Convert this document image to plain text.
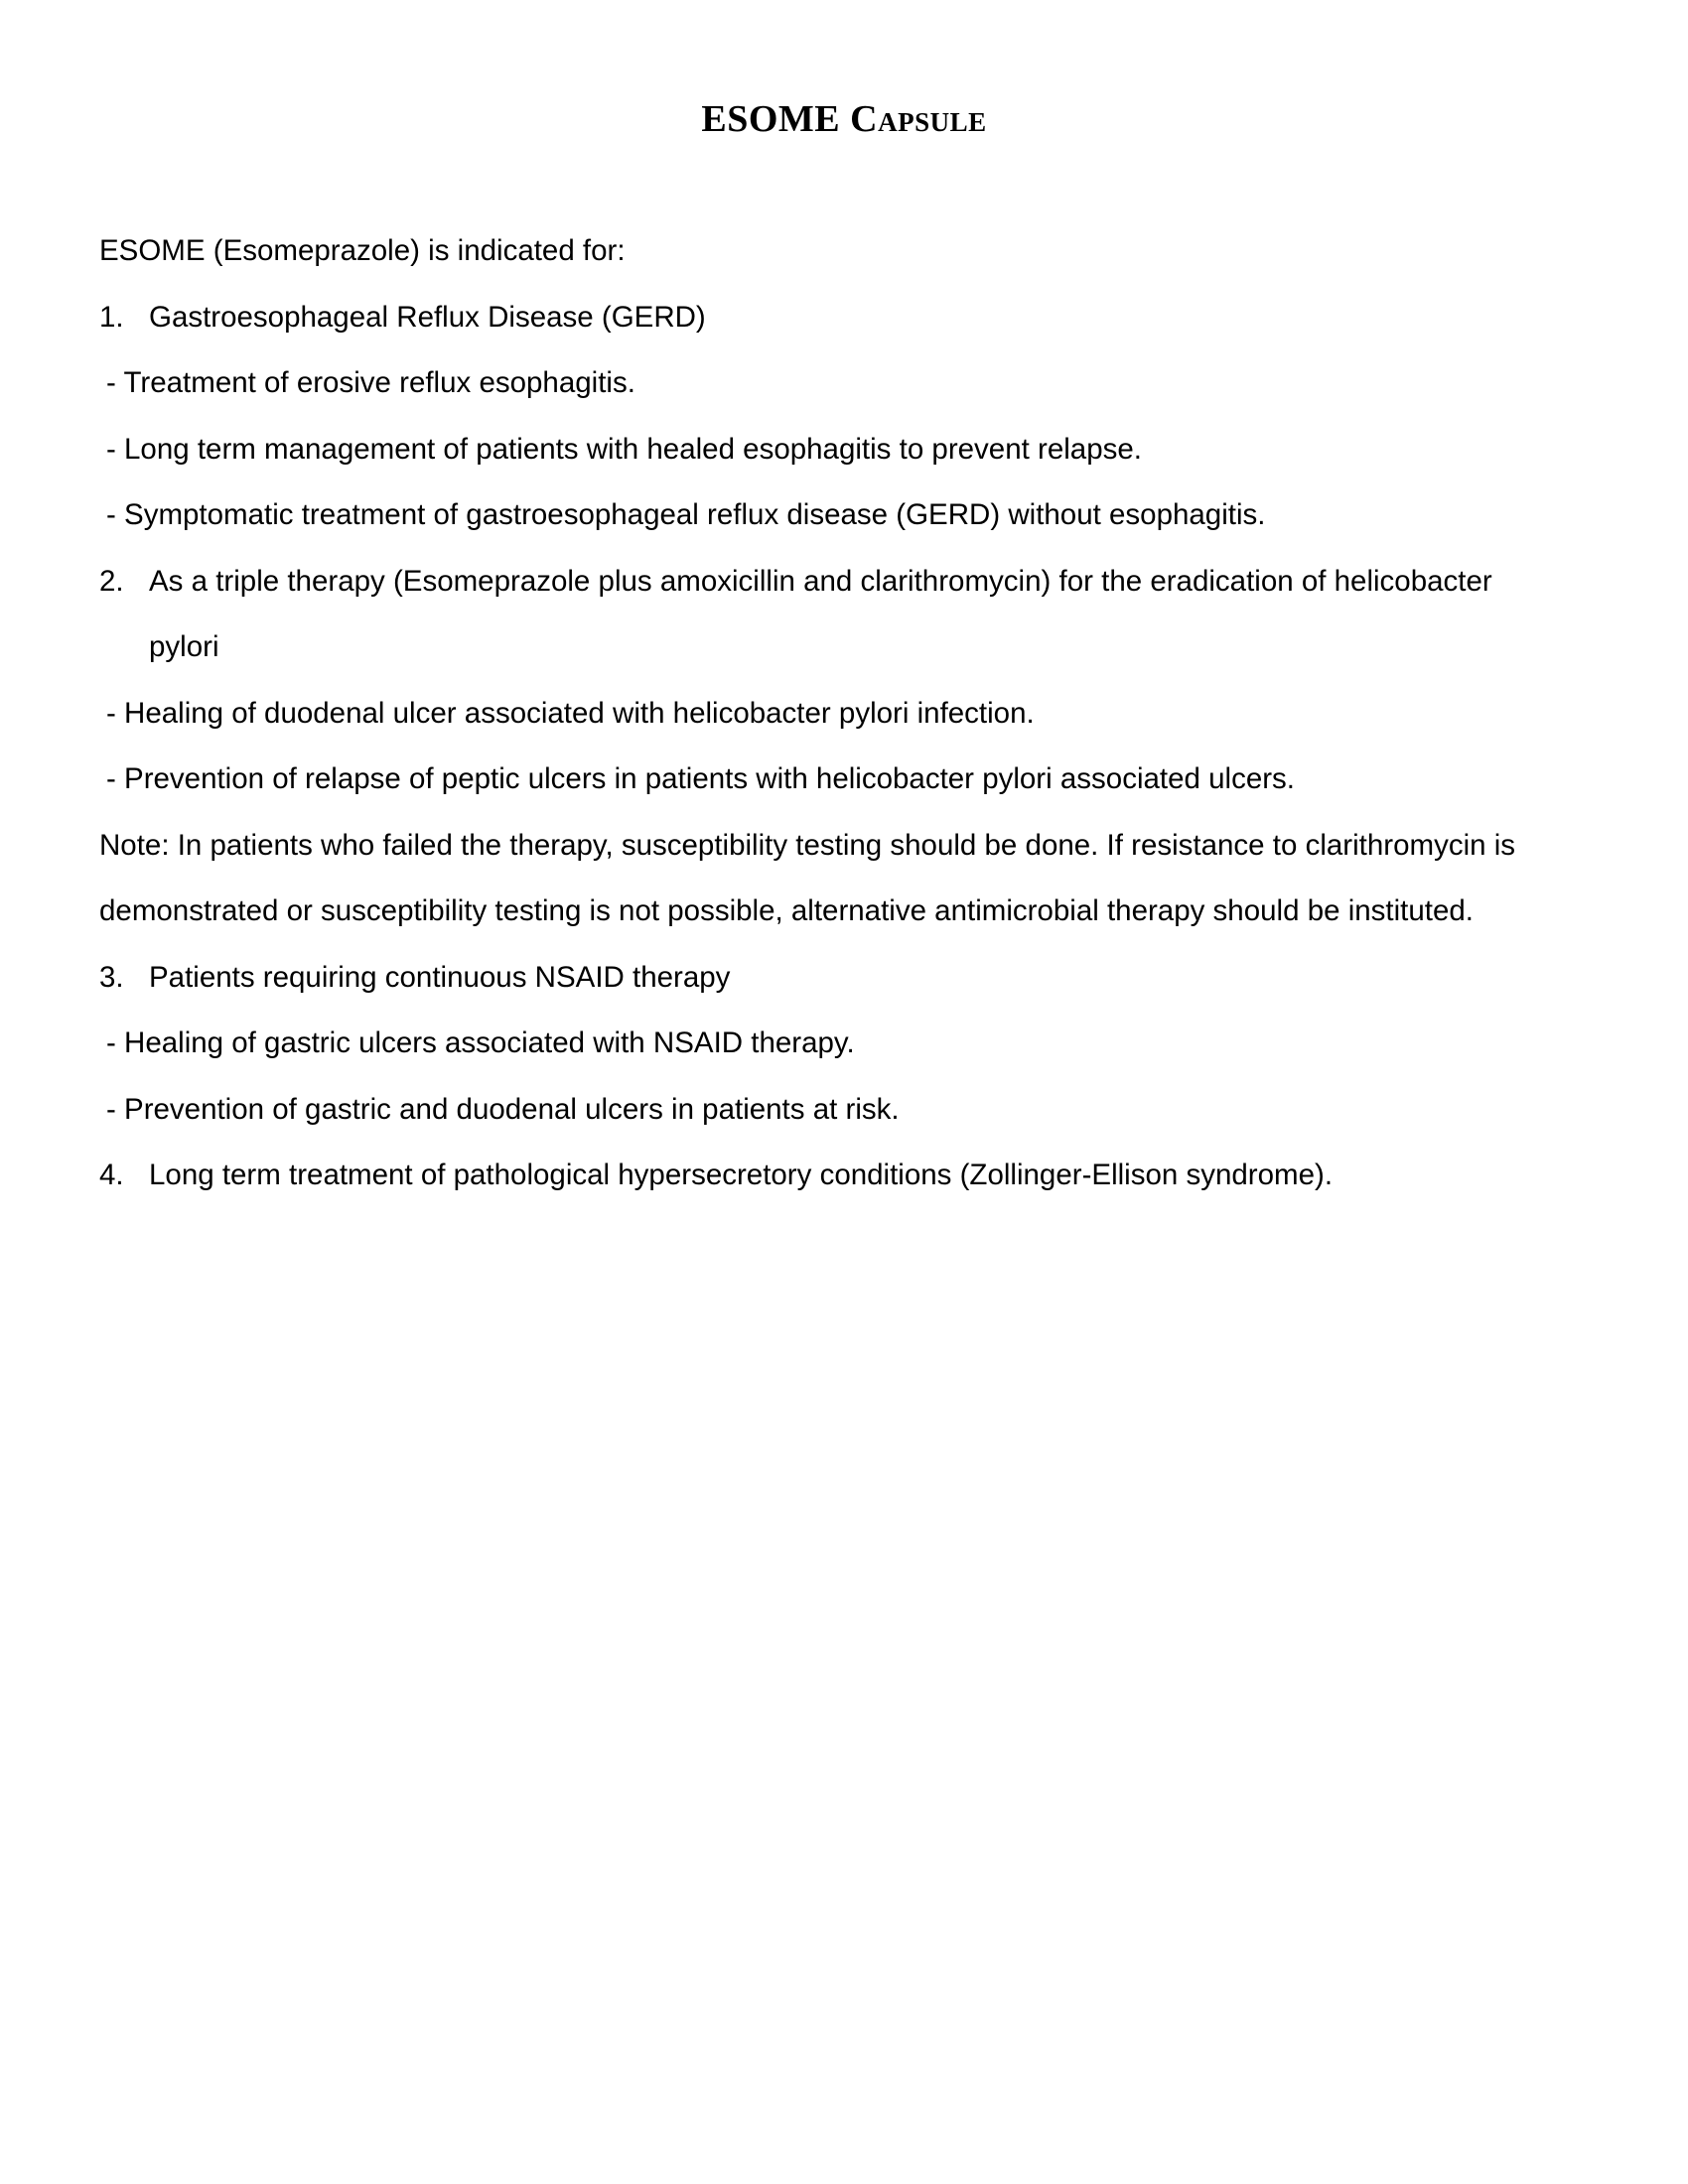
ESOME Capsule

ESOME (Esomeprazole) is indicated for:

1. Gastroesophageal Reflux Disease (GERD)

- Treatment of erosive reflux esophagitis.

- Long term management of patients with healed esophagitis to prevent relapse.

- Symptomatic treatment of gastroesophageal reflux disease (GERD) without esophagitis.

2. As a triple therapy (Esomeprazole plus amoxicillin and clarithromycin) for the eradication of helicobacter

pylori

- Healing of duodenal ulcer associated with helicobacter pylori infection.

- Prevention of relapse of peptic ulcers in patients with helicobacter pylori associated ulcers.

Note: In patients who failed the therapy, susceptibility testing should be done. If resistance to clarithromycin is

demonstrated or susceptibility testing is not possible, alternative antimicrobial therapy should be instituted.

3. Patients requiring continuous NSAID therapy

- Healing of gastric ulcers associated with NSAID therapy.

- Prevention of gastric and duodenal ulcers in patients at risk.

4. Long term treatment of pathological hypersecretory conditions (Zollinger-Ellison syndrome).
